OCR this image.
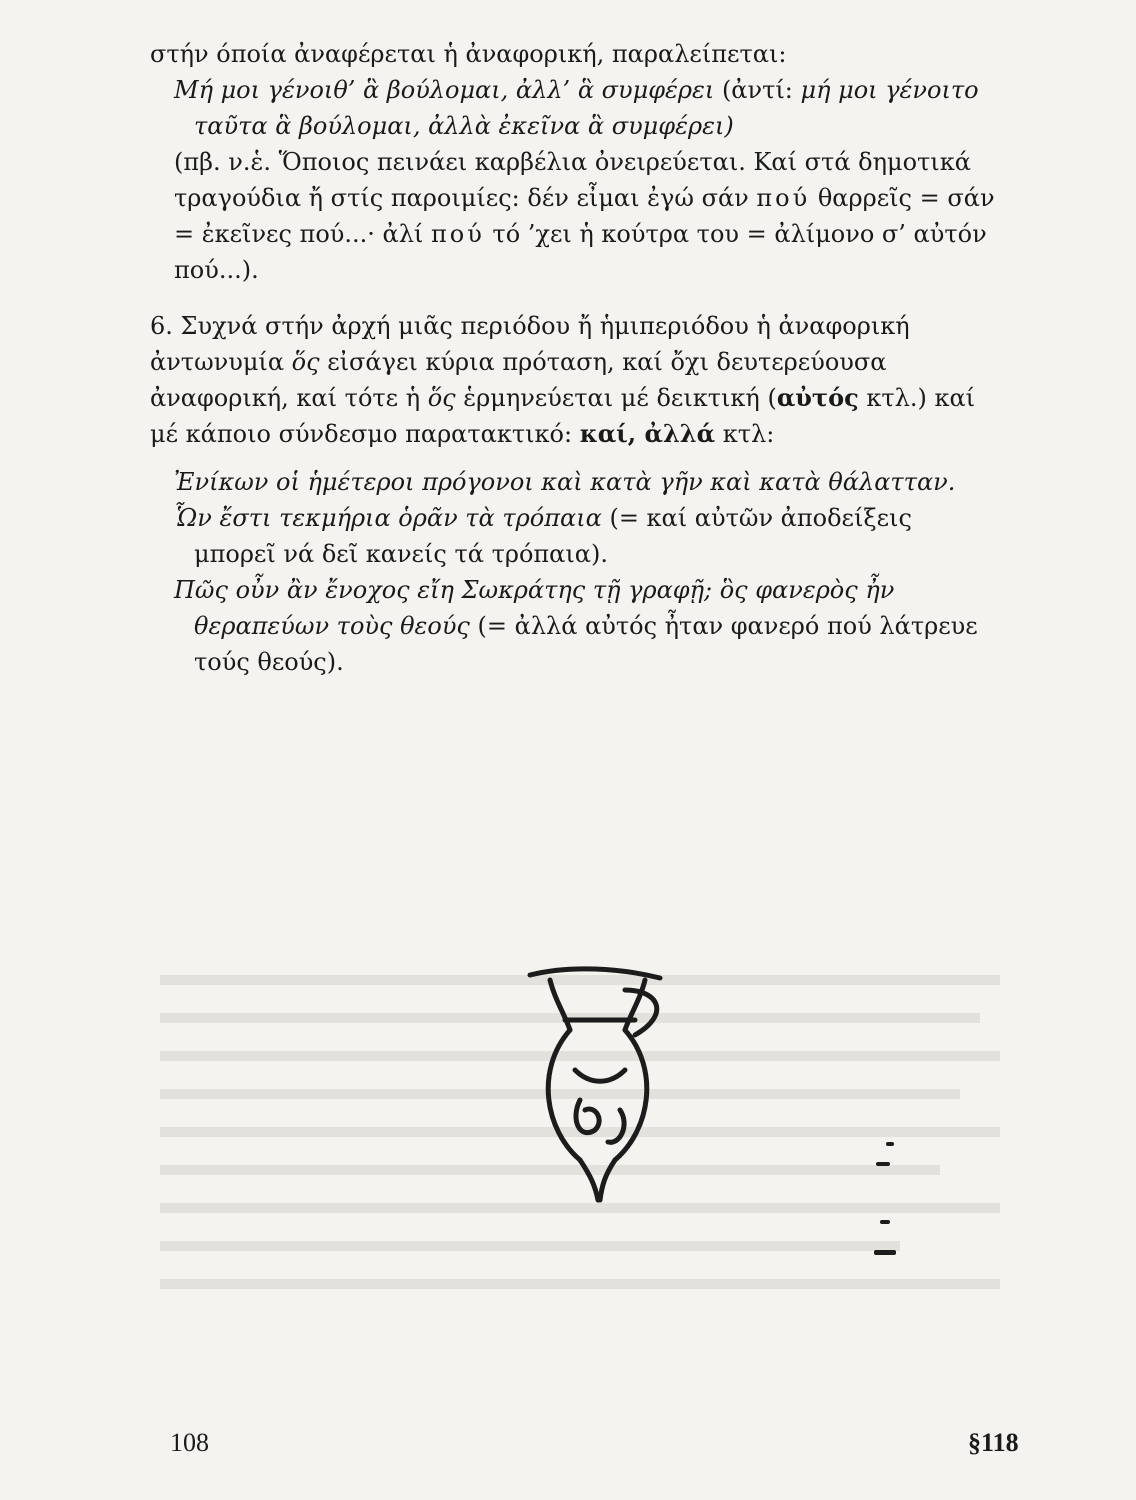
στήν όποία ἀναφέρεται ἡ ἀναφορική, παραλείπεται:

Μή μοι γένοιθ’ ἃ βούλομαι, ἀλλ’ ἃ συμφέρει (ἀντί: μή μοι γένοιτο ταῦτα ἃ βούλομαι, ἀλλὰ ἐκεῖνα ἃ συμφέρει)

(πβ. ν.ἑ. Ὅποιος πεινάει καρβέλια ὀνειρεύεται. Καί στά δημοτικά τραγούδια ἤ στίς παροιμίες: δέν εἶμαι ἐγώ σάν πού θαρρεῖς = σάν = ἐκεῖνες πού...· ἀλί πού τό ’χει ἡ κούτρα του = ἀλίμονο σ’ αὐτόν πού...).

6. Συχνά στήν ἀρχή μιᾶς περιόδου ἤ ἡμιπεριόδου ἡ ἀναφορική ἀντωνυμία ὅς εἰσάγει κύρια πρόταση, καί ὄχι δευτερεύουσα ἀναφορική, καί τότε ἡ ὅς ἑρμηνεύεται μέ δεικτική (αὐτός κτλ.) καί μέ κάποιο σύνδεσμο παρατακτικό: καί, ἀλλά κτλ:

Ἐνίκων οἱ ἡμέτεροι πρόγονοι καὶ κατὰ γῆν καὶ κατὰ θάλατταν.

Ὧν ἔστι τεκμήρια ὁρᾶν τὰ τρόπαια (= καί αὐτῶν ἀποδείξεις μπορεῖ νά δεῖ κανείς τά τρόπαια).

Πῶς οὖν ἂν ἔνοχος εἴη Σωκράτης τῇ γραφῇ; ὃς φανερὸς ἦν θεραπεύων τοὺς θεούς (= ἀλλά αὐτός ἦταν φανερό πού λάτρευε τούς θεούς).

108	§118
